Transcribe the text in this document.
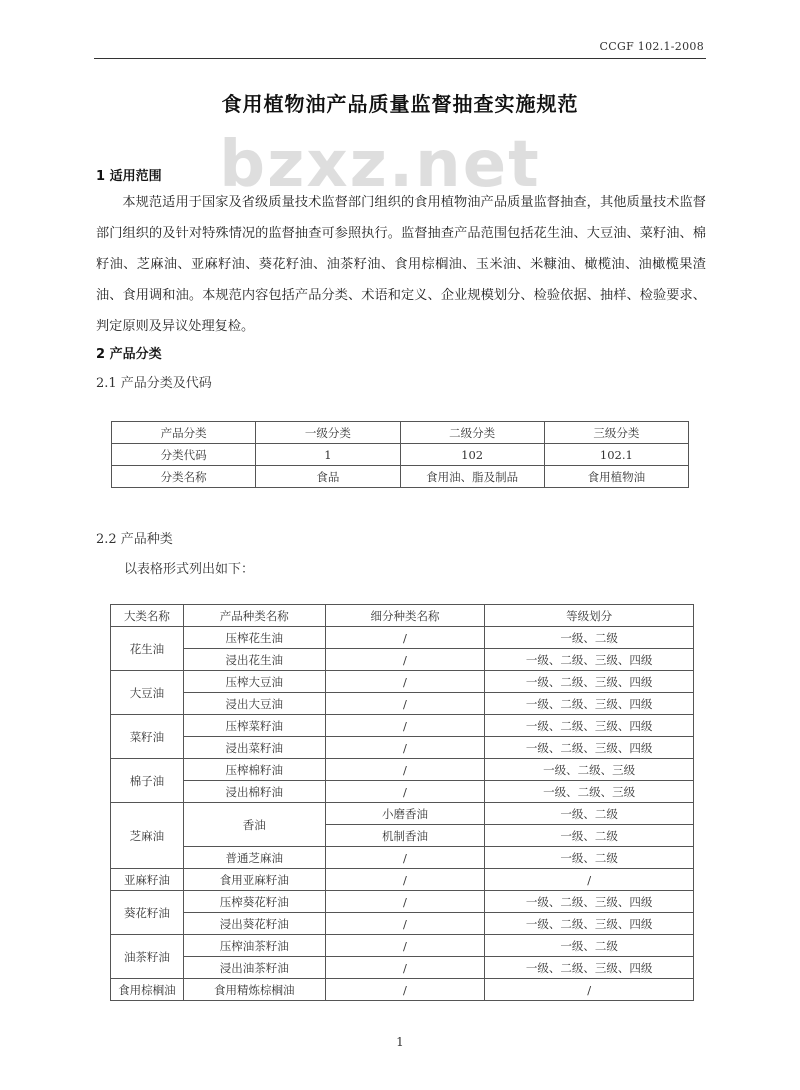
CCGF 102.1-2008
食用植物油产品质量监督抽查实施规范
bzxz.net
1 适用范围
本规范适用于国家及省级质量技术监督部门组织的食用植物油产品质量监督抽查，其他质量技术监督部门组织的及针对特殊情况的监督抽查可参照执行。监督抽查产品范围包括花生油、大豆油、菜籽油、棉籽油、芝麻油、亚麻籽油、葵花籽油、油茶籽油、食用棕榈油、玉米油、米糠油、橄榄油、油橄榄果渣油、食用调和油。本规范内容包括产品分类、术语和定义、企业规模划分、检验依据、抽样、检验要求、判定原则及异议处理复检。
2 产品分类
2.1 产品分类及代码
产品分类	一级分类	二级分类	三级分类
分类代码	1	102	102.1
分类名称	食品	食用油、脂及制品	食用植物油
2.2 产品种类
以表格形式列出如下：
大类名称	产品种类名称	细分种类名称	等级划分
花生油	压榨花生油	/	一级、二级
	浸出花生油	/	一级、二级、三级、四级
大豆油	压榨大豆油	/	一级、二级、三级、四级
	浸出大豆油	/	一级、二级、三级、四级
菜籽油	压榨菜籽油	/	一级、二级、三级、四级
	浸出菜籽油	/	一级、二级、三级、四级
棉子油	压榨棉籽油	/	一级、二级、三级
	浸出棉籽油	/	一级、二级、三级
芝麻油	香油	小磨香油	一级、二级
		机制香油	一级、二级
	普通芝麻油	/	一级、二级
亚麻籽油	食用亚麻籽油	/	/
葵花籽油	压榨葵花籽油	/	一级、二级、三级、四级
	浸出葵花籽油	/	一级、二级、三级、四级
油茶籽油	压榨油茶籽油	/	一级、二级
	浸出油茶籽油	/	一级、二级、三级、四级
食用棕榈油	食用精炼棕榈油	/	/
1
